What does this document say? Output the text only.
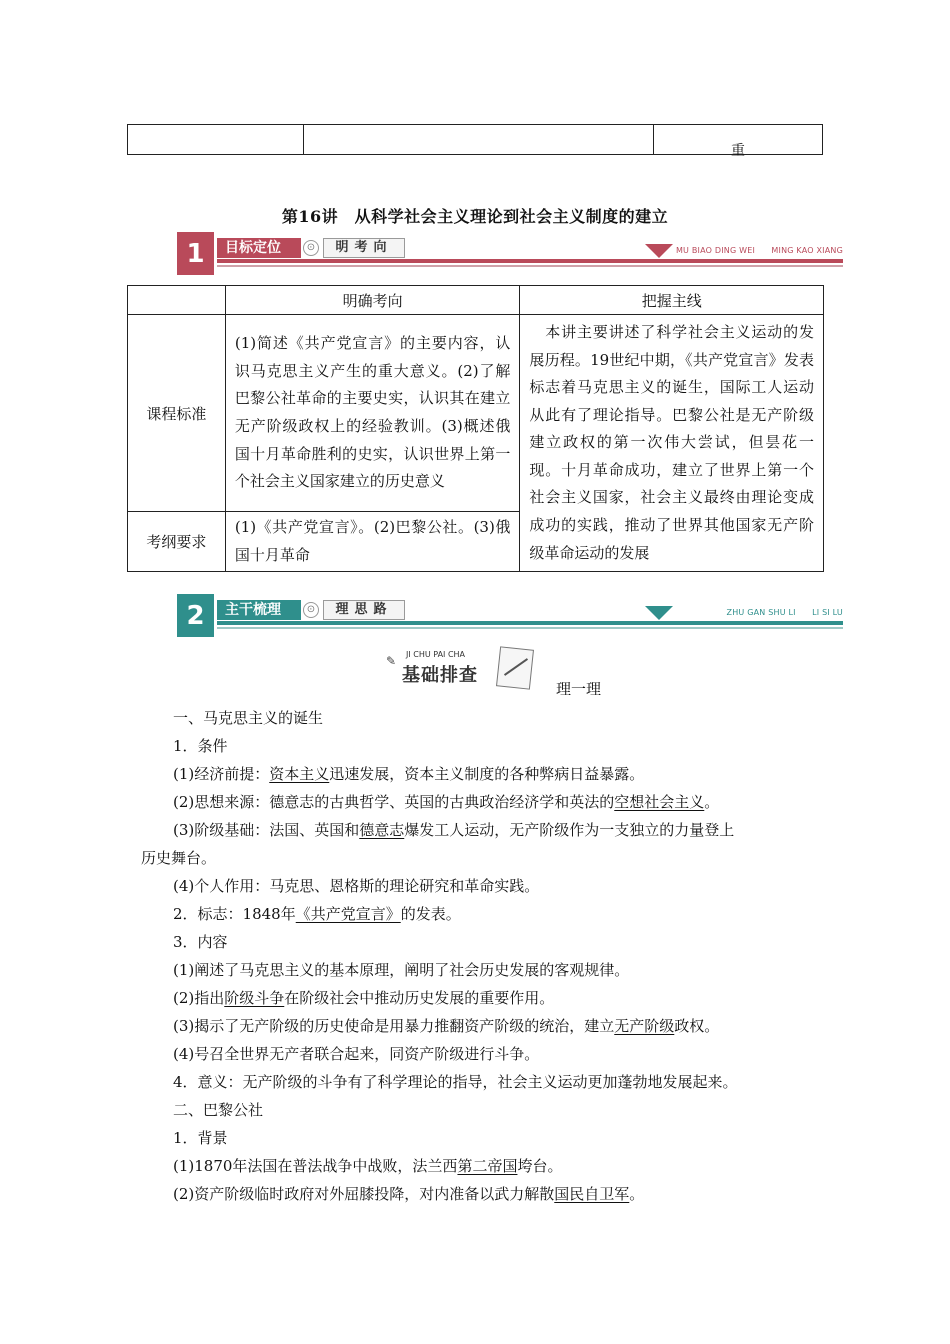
重
第16讲　从科学社会主义理论到社会主义制度的建立
1	目标定位	⊙	明考向	MU BIAO DING WEI　　MING KAO XIANG
	明确考向	把握主线
课程标准	(1)简述《共产党宣言》的主要内容，认识马克思主义产生的重大意义。(2)了解巴黎公社革命的主要史实，认识其在建立无产阶级政权上的经验教训。(3)概述俄国十月革命胜利的史实，认识世界上第一个社会主义国家建立的历史意义	　本讲主要讲述了科学社会主义运动的发展历程。19世纪中期，《共产党宣言》发表标志着马克思主义的诞生，国际工人运动从此有了理论指导。巴黎公社是无产阶级建立政权的第一次伟大尝试，但昙花一现。十月革命成功，建立了世界上第一个社会主义国家，社会主义最终由理论变成成功的实践，推动了世界其他国家无产阶级革命运动的发展

考纲要求	(1)《共产党宣言》。(2)巴黎公社。(3)俄国十月革命	
2	主干梳理	⊙	理思路	ZHU GAN SHU LI　　LI SI LU
✎ JI CHU PAI CHA
基础排查
理一理
一、马克思主义的诞生
1．条件
(1)经济前提：资本主义迅速发展，资本主义制度的各种弊病日益暴露。
(2)思想来源：德意志的古典哲学、英国的古典政治经济学和英法的空想社会主义。
(3)阶级基础：法国、英国和德意志爆发工人运动，无产阶级作为一支独立的力量登上
历史舞台。
(4)个人作用：马克思、恩格斯的理论研究和革命实践。
2．标志：1848年《共产党宣言》的发表。
3．内容
(1)阐述了马克思主义的基本原理，阐明了社会历史发展的客观规律。
(2)指出阶级斗争在阶级社会中推动历史发展的重要作用。
(3)揭示了无产阶级的历史使命是用暴力推翻资产阶级的统治，建立无产阶级政权。
(4)号召全世界无产者联合起来，同资产阶级进行斗争。
4．意义：无产阶级的斗争有了科学理论的指导，社会主义运动更加蓬勃地发展起来。
二、巴黎公社
1．背景
(1)1870年法国在普法战争中战败，法兰西第二帝国垮台。
(2)资产阶级临时政府对外屈膝投降，对内准备以武力解散国民自卫军。
